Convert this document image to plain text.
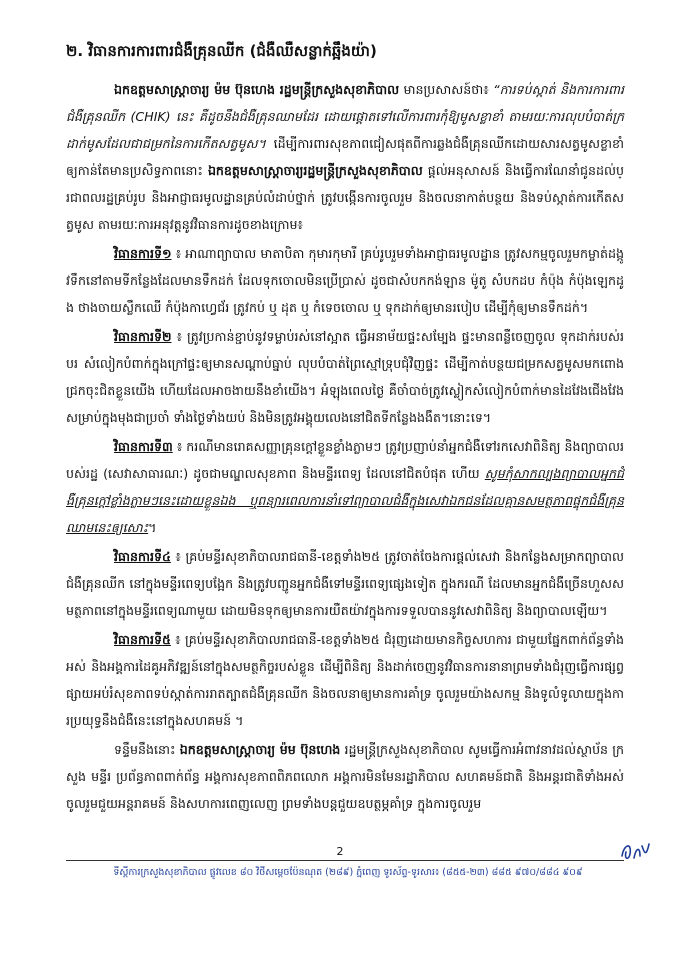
២. វិធានការការពារជំងឺគ្រុនឈីក (ជំងឺឈឺសន្លាក់ឆ្អឹងយ៉ា)

ឯកឧត្តមសាស្ត្រាចារ្យ ម៉ម ប៊ុនហេង រដ្ឋមន្ត្រីក្រសួងសុខាភិបាល មានប្រសាសន៍ថា៖ “ការទប់ស្កាត់ និងការការពារជំងឺគ្រុនឈីក (CHIK) នេះ គឺដូចនឹងជំងឺគ្រុនឈាមដែរ ដោយផ្តោតទៅលើការពារកុំឱ្យមូសខ្លាខាំ តាមរយៈការលុបបំបាត់ក្រដាក់មូសដែលជាជម្រកនៃការកើតសត្វមូស។ ដើម្បីការពារសុខភាពជៀសផុតពីការឆ្លងជំងឺគ្រុនឈីកដោយសារសត្វមូសខ្លាខាំ ឲ្យកាន់តែមានប្រសិទ្ធភាពនោះ ឯកឧត្តមសាស្ត្រាចារ្យរដ្ឋមន្ត្រីក្រសួងសុខាភិបាល ផ្តល់អនុសាសន៍ និងធ្វើការណែនាំជូនដល់ប្រជាពលរដ្ឋគ្រប់រូប និងអាជ្ញាធរមូលដ្ឋានគ្រប់លំដាប់ថ្នាក់ ត្រូវបង្កើនការចូលរួម និងចលនាកាត់បន្ថយ និងទប់ស្កាត់ការកើតសត្វមូស តាមរយៈការអនុវត្តនូវវិធានការដូចខាងក្រោម៖

វិធានការទី១ ៖ អាណាព្យាបាល មាតាបិតា កុមារកុមារី គ្រប់រូបរួមទាំងអាជ្ញាធរមូលដ្ឋាន ត្រូវសកម្មចូលរួមកម្ចាត់ដង្កូវទឹកនៅតាមទីកន្លែងដែលមានទឹកដក់ ដែលទុកចោលមិនប្រើប្រាស់ ដូចជាសំបកកង់ឡាន ម៉ូតូ សំបកដប កំប៉ុង កំប៉ុងឡេកដូង ថាងចាយស្លឹកឈើ កំប៉ុងកាហ្វេជ័រ ត្រូវកប់ ឬ ដុត ឬ កំទេចចោល ឬ ទុកដាក់ឲ្យមានរបៀប ដើម្បីកុំឲ្យមានទឹកដក់។

វិធានការទី២ ៖ ត្រូវប្រកាន់ខ្ជាប់នូវទម្លាប់រស់នៅស្អាត ធ្វើអនាម័យផ្ទះសម្បែង ផ្ទះមានពន្លឺចេញចូល ទុកដាក់របស់របរ សំលៀកបំពាក់ក្នុងក្រៅផ្ទះឲ្យមានសណ្តាប់ធ្នាប់ លុបបំបាត់ព្រៃស្មៅទ្រុបជុំវិញផ្ទះ ដើម្បីកាត់បន្ថយជម្រកសត្វមូសមកពោងជ្រកចុះជិតខ្លួនយើង ហើយដែលអាចងាយនឹងខាំយើង។ អំឡុងពេលថ្ងៃ គឺចាំបាច់ត្រូវស្លៀកសំលៀកបំពាក់មានដៃវែងជើងវែង សម្រាប់ក្នុងមុងជាប្រចាំ ទាំងថ្ងៃទាំងយប់ និងមិនត្រូវអង្គុយលេងនៅជិតទីកន្លែងងងឹត។នោះទេ។

វិធានការទី៣ ៖ ករណីមានរោគសញ្ញាគ្រុនក្តៅខ្លួនខ្លាំងភ្លាមៗ ត្រូវប្រញាប់នាំអ្នកជំងឺទៅរកសេវាពិនិត្យ និងព្យាបាលរបស់រដ្ឋ (សេវាសាធារណៈ) ដូចជាមណ្ឌលសុខភាព និងមន្ទីរពេទ្យ ដែលនៅជិតបំផុត ហើយ សូមកុំសាកល្បងព្យាបាលអ្នកជំងឺគ្រុនក្តៅខ្លាំងភ្លាមៗនេះដោយខ្លួនឯង ឬពន្យារពេលការនាំទៅព្យាបាលជំងឺក្នុងសេវាឯកជនដែលគ្មានសមត្ថភាពផ្ទុកជំងឺគ្រុនឈាមនេះឲ្យសោះ។

វិធានការទី៤ ៖ គ្រប់មន្ទីរសុខាភិបាលរាជធានី-ខេត្តទាំង២៥ ត្រូវចាត់ចែងការផ្តល់សេវា និងកន្លែងសម្រាកព្យាបាលជំងឺគ្រុនឈីក នៅក្នុងមន្ទីរពេទ្យបង្អែក និងត្រូវបញ្ជូនអ្នកជំងឺទៅមន្ទីរពេទ្យផ្សេងទៀត ក្នុងករណី ដែលមានអ្នកជំងឺច្រើនហួសសមត្ថភាពនៅក្នុងមន្ទីរពេទ្យណាមួយ ដោយមិនទុកឲ្យមានការយឺតយ៉ាវក្នុងការទទួលបាននូវសេវាពិនិត្យ និងព្យាបាលឡើយ។

វិធានការទី៥ ៖ គ្រប់មន្ទីរសុខាភិបាលរាជធានី-ខេត្តទាំង២៥ ជំរុញដោយមានកិច្ចសហការ ជាមួយផ្នែកពាក់ព័ន្ធទាំងអស់ និងអង្គការដៃគូអភិវឌ្ឍន៍នៅក្នុងសមត្ថកិច្ចរបស់ខ្លួន ដើម្បីពិនិត្យ និងដាក់ចេញនូវវិធានការនានាព្រមទាំងជំរុញធ្វើការផ្សព្វផ្សាយអប់រំសុខភាពទប់ស្កាត់ការរាតត្បាតជំងឺគ្រុនឈីក និងចលនាឲ្យមានការគាំទ្រ ចូលរួមយ៉ាងសកម្ម និងទូលំទូលាយក្នុងការប្រយុទ្ធនឹងជំងឺនេះនៅក្នុងសហគមន៍ ។

ទន្ទឹមនឹងនោះ ឯកឧត្តមសាស្ត្រាចារ្យ ម៉ម ប៊ុនហេង រដ្ឋមន្ត្រីក្រសួងសុខាភិបាល សូមធ្វើការអំពាវនាវដល់ស្ថាប័ន ក្រសួង មន្ទីរ ប្រព័ន្ធភាពពាក់ព័ន្ធ អង្គការសុខភាពពិភពលោក អង្គការមិនមែនរដ្ឋាភិបាល សហគមន៍ជាតិ និងអន្តរជាតិទាំងអស់ ចូលរួមជួយអន្តរាគមន៍ និងសហការពេញលេញ ព្រមទាំងបន្តជួយឧបត្ថម្ភគាំទ្រ ក្នុងការចូលរួម

2
ទីស្តីការក្រសួងសុខាភិបាល ផ្លូវលេខ ៨០ វិថីសម្តេចប៉ែនណុត (២៨៩) ភ្នំពេញ ទូរស័ព្ទ-ទូរសារ៖ (៨៥៥-២៣) ៨៨៥ ៩៧០/៨៨៤ ៩០៩
